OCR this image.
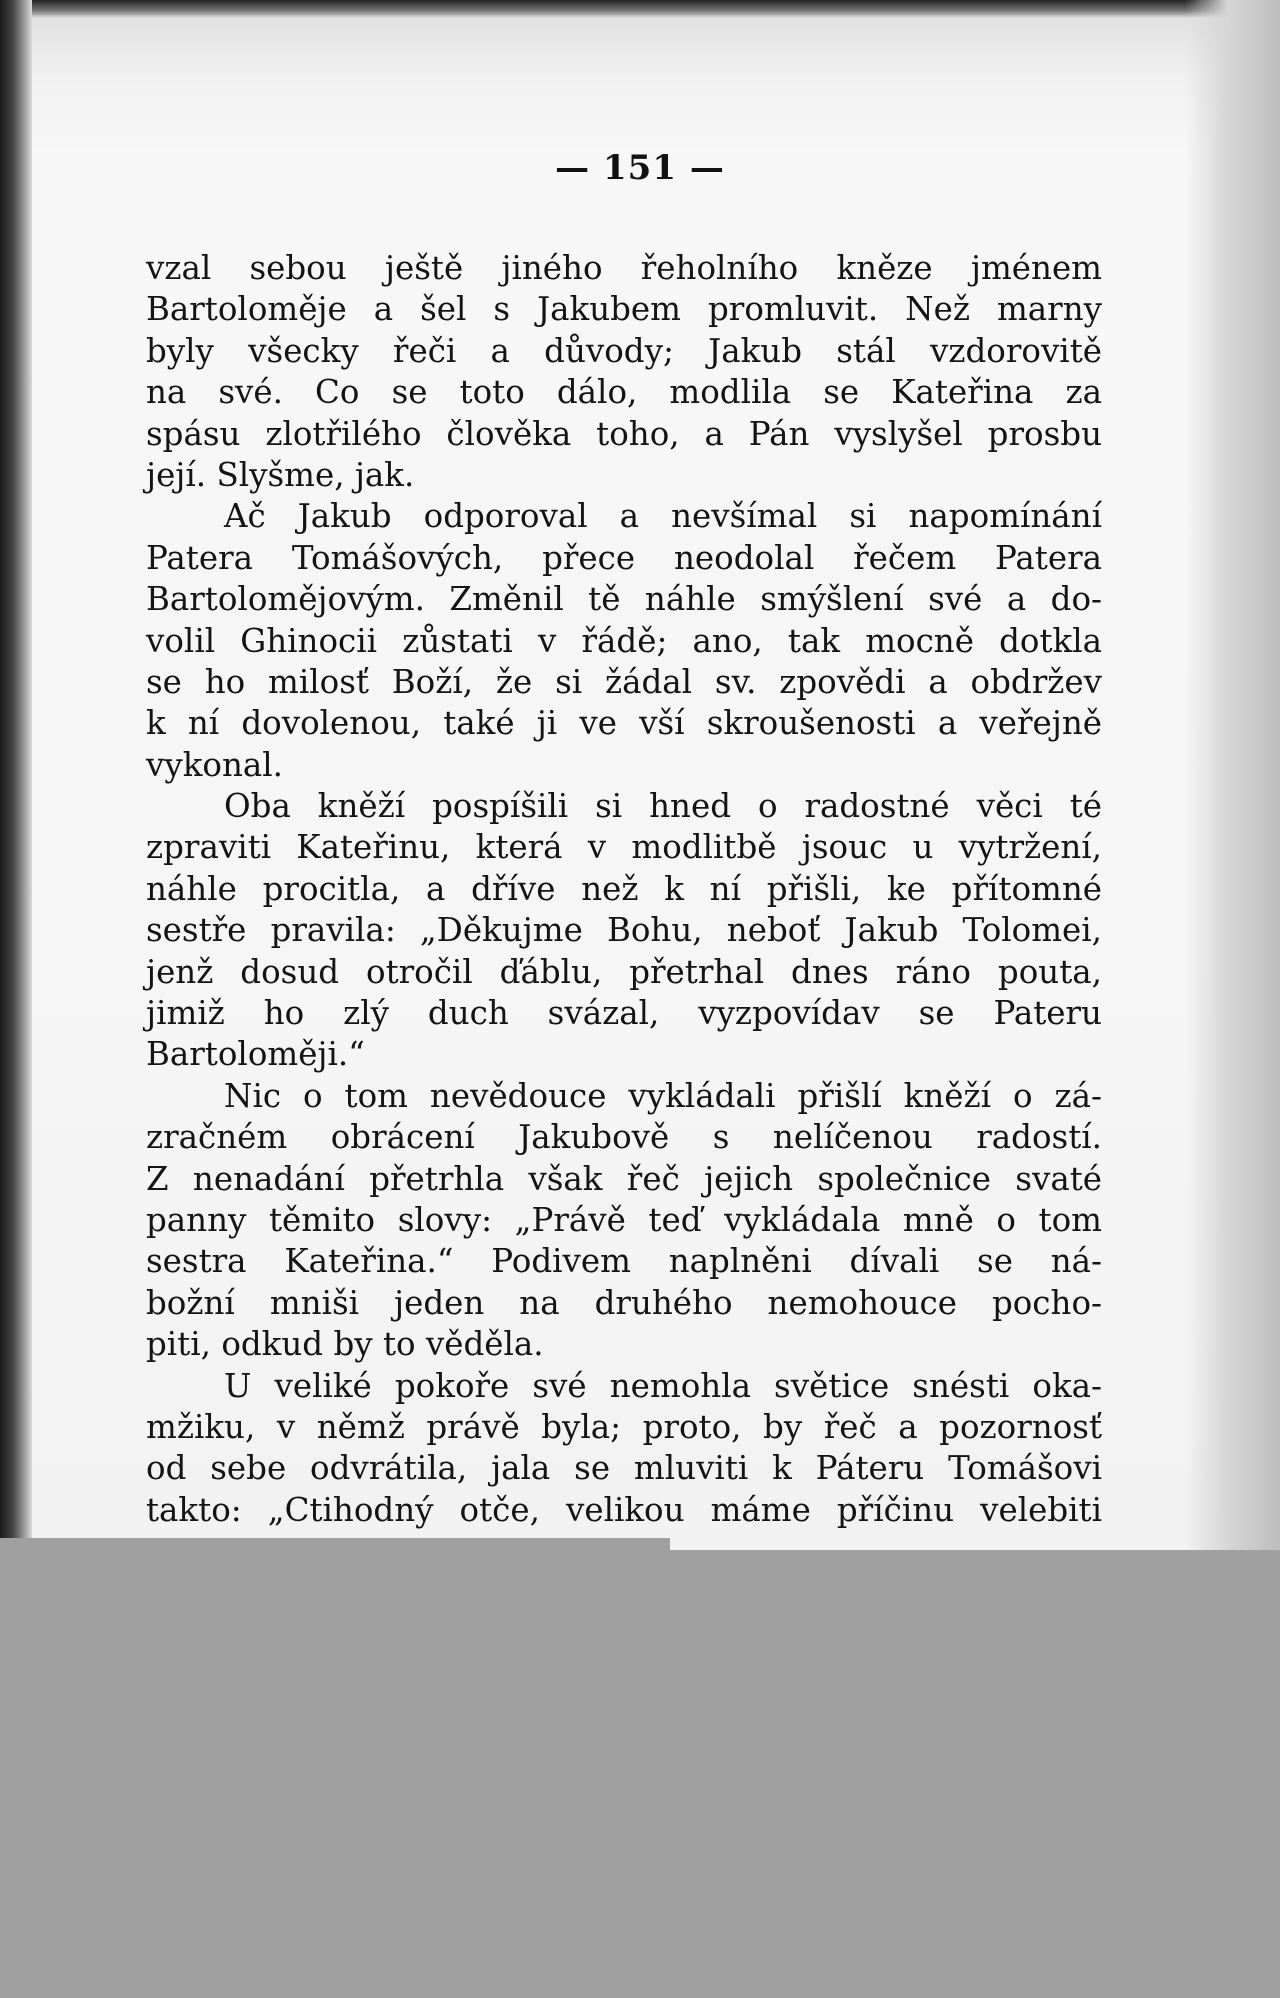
— 151 —
vzal sebou ještě jiného řeholního kněze jménem
Bartoloměje a šel s Jakubem promluvit. Než marny
byly všecky řeči a důvody; Jakub stál vzdorovitě
na své. Co se toto dálo, modlila se Kateřina za
spásu zlotřilého člověka toho, a Pán vyslyšel prosbu
její. Slyšme, jak.
Ač Jakub odporoval a nevšímal si napomínání
Patera Tomášových, přece neodolal řečem Patera
Bartolomějovým. Změnil tě náhle smýšlení své a do-
volil Ghinocii zůstati v řádě; ano, tak mocně dotkla
se ho milosť Boží, že si žádal sv. zpovědi a obdržev
k ní dovolenou, také ji ve vší skroušenosti a veřejně
vykonal.
Oba kněží pospíšili si hned o radostné věci té
zpraviti Kateřinu, která v modlitbě jsouc u vytržení,
náhle procitla, a dříve než k ní přišli, ke přítomné
sestře pravila: „Děkujme Bohu, neboť Jakub Tolomei,
jenž dosud otročil ďáblu, přetrhal dnes ráno pouta,
jimiž ho zlý duch svázal, vyzpovídav se Pateru
Bartoloměji.“
Nic o tom nevědouce vykládali přišlí kněží o zá-
zračném obrácení Jakubově s nelíčenou radostí.
Z nenadání přetrhla však řeč jejich společnice svaté
panny těmito slovy: „Právě teď vykládala mně o tom
sestra Kateřina.“ Podivem naplněni dívali se ná-
božní mniši jeden na druhého nemohouce pocho-
piti, odkud by to věděla.
U veliké pokoře své nemohla světice snésti oka-
mžiku, v němž právě byla; proto, by řeč a pozornosť
od sebe odvrátila, jala se mluviti k Páteru Tomášovi
takto: „Ctihodný otče, velikou máme příčinu velebiti
